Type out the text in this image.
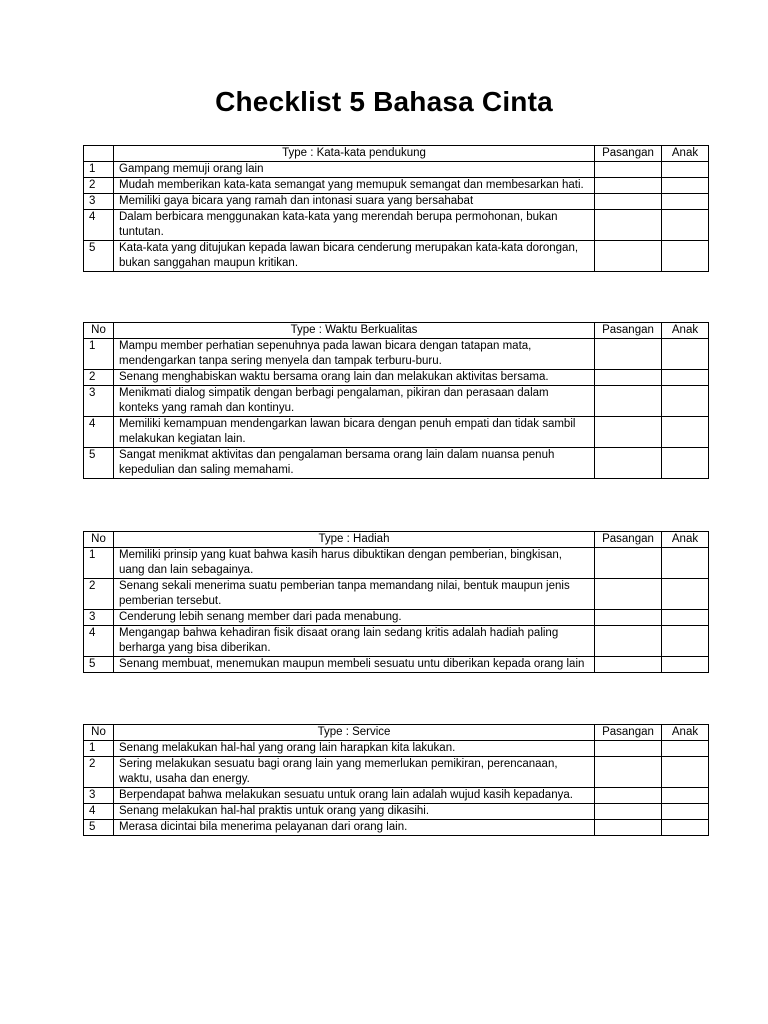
Checklist 5 Bahasa Cinta
	Type : Kata-kata pendukung	Pasangan	Anak
1	Gampang memuji orang lain		
2	Mudah memberikan kata-kata semangat yang memupuk semangat dan membesarkan hati.		
3	Memiliki gaya bicara yang ramah dan intonasi suara yang bersahabat		
4	Dalam berbicara menggunakan kata-kata yang merendah berupa permohonan, bukan tuntutan.		
5	Kata-kata yang ditujukan kepada lawan bicara cenderung merupakan kata-kata dorongan, bukan sanggahan maupun kritikan.		
No	Type : Waktu Berkualitas	Pasangan	Anak
1	Mampu member perhatian sepenuhnya pada lawan bicara dengan tatapan mata, mendengarkan tanpa sering menyela dan tampak terburu-buru.		
2	Senang menghabiskan waktu bersama orang lain dan melakukan aktivitas bersama.		
3	Menikmati dialog simpatik dengan berbagi pengalaman, pikiran dan perasaan dalam konteks yang ramah dan kontinyu.		
4	Memiliki kemampuan mendengarkan lawan bicara dengan penuh empati dan tidak sambil melakukan kegiatan lain.		
5	Sangat menikmat aktivitas dan pengalaman bersama orang lain dalam nuansa penuh kepedulian dan saling memahami.		
No	Type : Hadiah	Pasangan	Anak
1	Memiliki prinsip yang kuat bahwa kasih harus dibuktikan dengan pemberian, bingkisan, uang dan lain sebagainya.		
2	Senang sekali menerima suatu pemberian tanpa memandang nilai, bentuk maupun jenis pemberian tersebut.		
3	Cenderung lebih senang member dari pada menabung.		
4	Mengangap bahwa kehadiran fisik disaat orang lain sedang kritis adalah hadiah paling berharga yang bisa diberikan.		
5	Senang membuat, menemukan maupun membeli sesuatu untu diberikan kepada orang lain		
No	Type : Service	Pasangan	Anak
1	Senang melakukan hal-hal yang orang lain harapkan kita lakukan.		
2	Sering melakukan sesuatu bagi orang lain yang memerlukan pemikiran, perencanaan, waktu, usaha dan energy.		
3	Berpendapat bahwa melakukan sesuatu untuk orang lain adalah wujud kasih kepadanya.		
4	Senang melakukan hal-hal praktis untuk orang yang dikasihi.		
5	Merasa dicintai bila menerima pelayanan dari orang lain.		
